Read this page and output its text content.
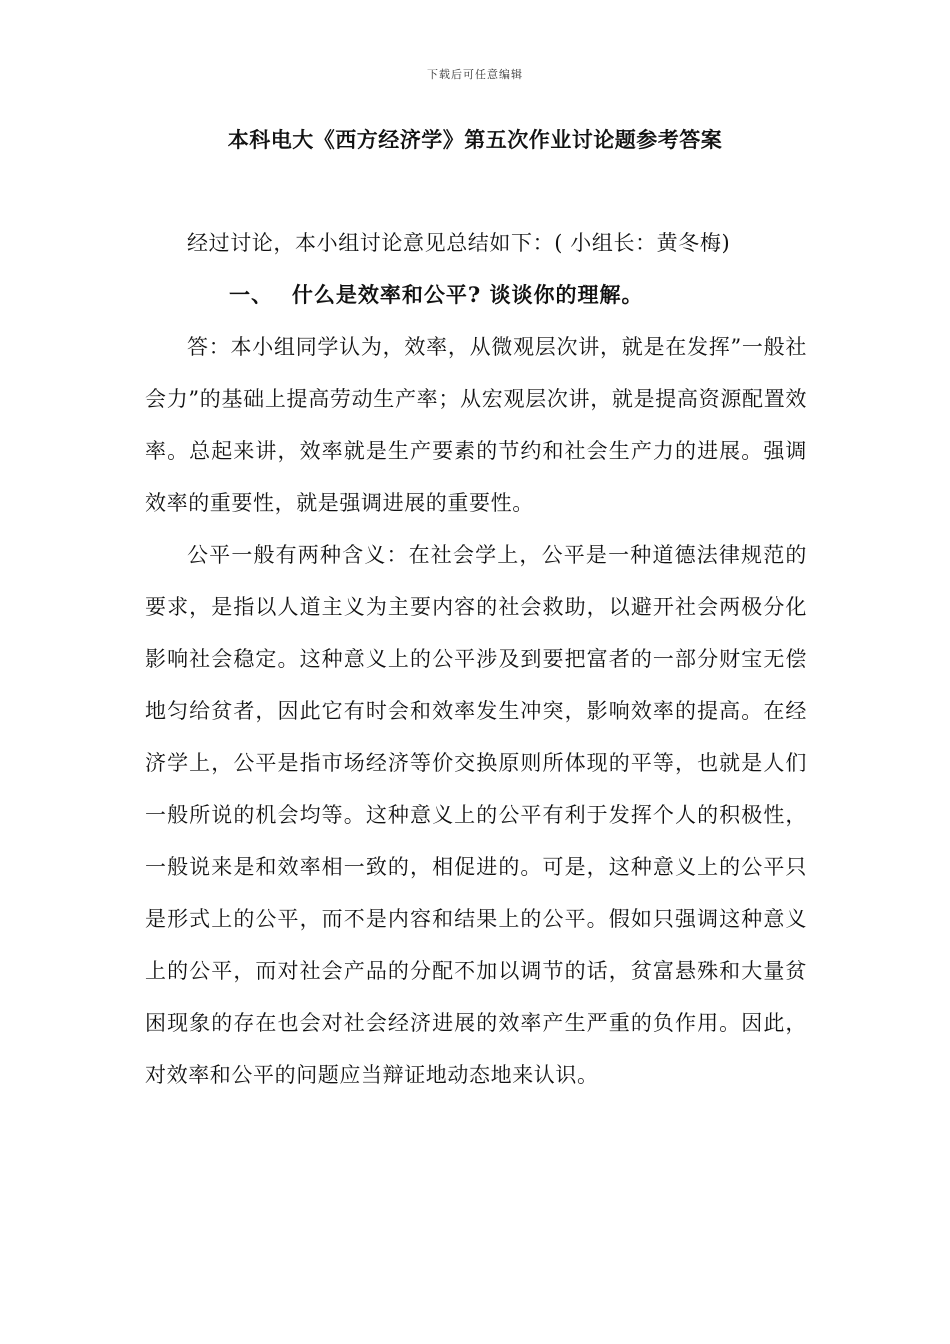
下载后可任意编辑
本科电大《西方经济学》第五次作业讨论题参考答案

经过讨论，本小组讨论意见总结如下：( 小组长：黄冬梅)

一、 什么是效率和公平? 谈谈你的理解。

答：本小组同学认为，效率，从微观层次讲，就是在发挥”一般社会力”的基础上提高劳动生产率；从宏观层次讲，就是提高资源配置效率。总起来讲，效率就是生产要素的节约和社会生产力的进展。强调效率的重要性，就是强调进展的重要性。

公平一般有两种含义：在社会学上，公平是一种道德法律规范的要求，是指以人道主义为主要内容的社会救助，以避开社会两极分化影响社会稳定。这种意义上的公平涉及到要把富者的一部分财宝无偿地匀给贫者，因此它有时会和效率发生冲突，影响效率的提高。在经济学上，公平是指市场经济等价交换原则所体现的平等，也就是人们一般所说的机会均等。这种意义上的公平有利于发挥个人的积极性，一般说来是和效率相一致的，相促进的。可是，这种意义上的公平只是形式上的公平，而不是内容和结果上的公平。假如只强调这种意义上的公平，而对社会产品的分配不加以调节的话，贫富悬殊和大量贫困现象的存在也会对社会经济进展的效率产生严重的负作用。因此，对效率和公平的问题应当辩证地动态地来认识。
